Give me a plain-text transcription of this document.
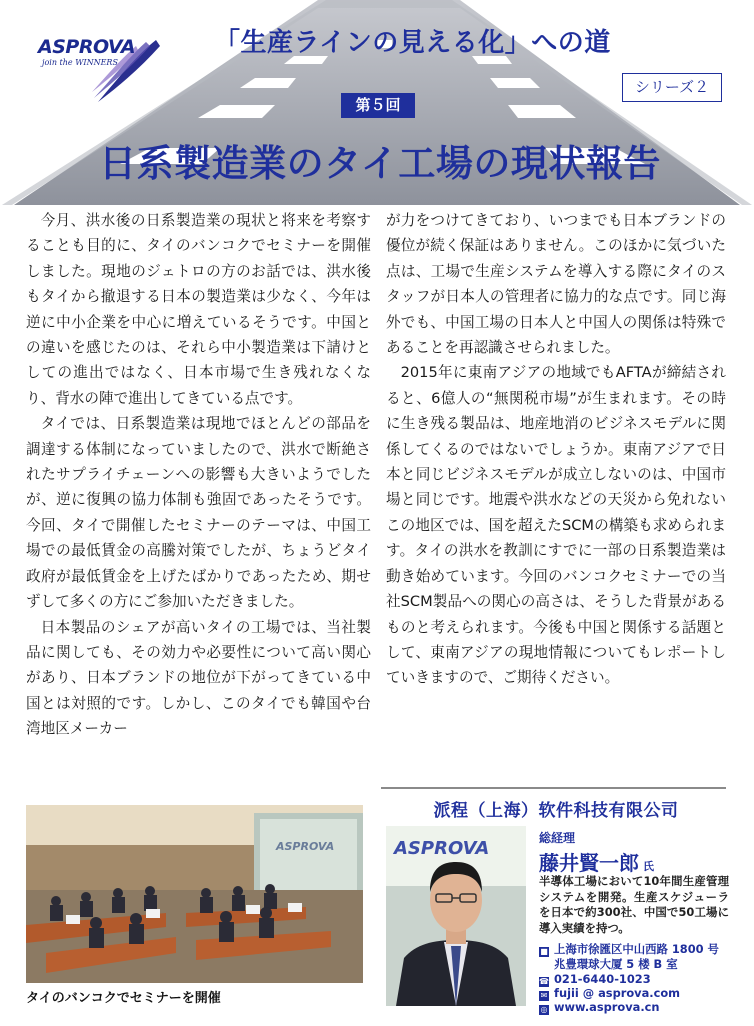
ASPROVA
join the WINNERS
「生産ラインの見える化」への道
シリーズ２
第５回
日系製造業のタイ工場の現状報告

今月、洪水後の日系製造業の現状と将来を考察することも目的に、タイのバンコクでセミナーを開催しました。現地のジェトロの方のお話では、洪水後もタイから撤退する日本の製造業は少なく、今年は逆に中小企業を中心に増えているそうです。中国との違いを感じたのは、それら中小製造業は下請けとしての進出ではなく、日本市場で生き残れなくなり、背水の陣で進出してきている点です。

タイでは、日系製造業は現地でほとんどの部品を調達する体制になっていましたので、洪水で断絶されたサプライチェーンへの影響も大きいようでしたが、逆に復興の協力体制も強固であったそうです。今回、タイで開催したセミナーのテーマは、中国工場での最低賃金の高騰対策でしたが、ちょうどタイ政府が最低賃金を上げたばかりであったため、期せずして多くの方にご参加いただきました。

日本製品のシェアが高いタイの工場では、当社製品に関しても、その効力や必要性について高い関心があり、日本ブランドの地位が下がってきている中国とは対照的です。しかし、このタイでも韓国や台湾地区メーカー

が力をつけてきており、いつまでも日本ブランドの優位が続く保証はありません。このほかに気づいた点は、工場で生産システムを導入する際にタイのスタッフが日本人の管理者に協力的な点です。同じ海外でも、中国工場の日本人と中国人の関係は特殊であることを再認識させられました。

2015年に東南アジアの地域でもAFTAが締結されると、6億人の“無関税市場”が生まれます。その時に生き残る製品は、地産地消のビジネスモデルに関係してくるのではないでしょうか。東南アジアで日本と同じビジネスモデルが成立しないのは、中国市場と同じです。地震や洪水などの天災から免れないこの地区では、国を超えたSCMの構築も求められます。タイの洪水を教訓にすでに一部の日系製造業は動き始めています。今回のバンコクセミナーでの当社SCM製品への関心の高さは、そうした背景があるものと考えられます。今後も中国と関係する話題として、東南アジアの現地情報についてもレポートしていきますので、ご期待ください。

ASPROVA
タイのバンコクでセミナーを開催
派程（上海）软件科技有限公司
ASPROVA	総経理
藤井賢一郎 氏
半導体工場において10年間生産管理システムを開発。生産スケジューラを日本で約300社、中国で50工場に導入実績を持つ。
■ 上海市徐匯区中山西路 1800 号
兆豊環球大厦 5 楼 B 室
☎ 021-6440-1023
✉ fujii @ asprova.com
◎ www.asprova.cn
